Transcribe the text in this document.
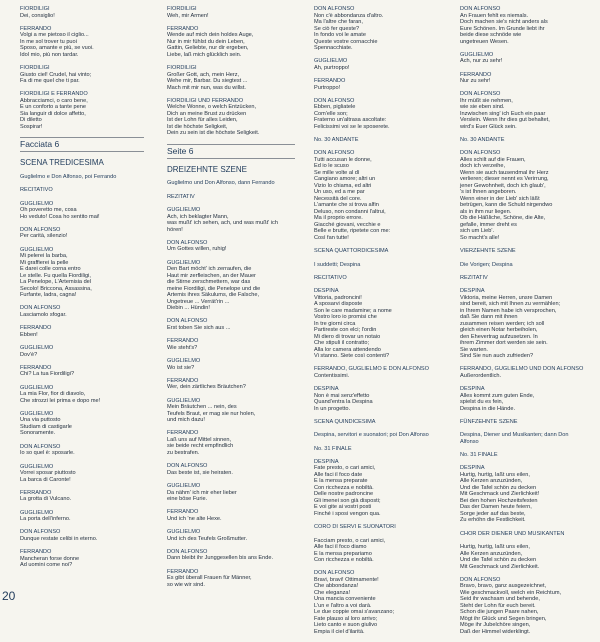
FIORDILIGI
Dei, consiglio!
FERRANDO
Volgi a me pietoso il ciglio...
In me sol trover tu puoi
Sposo, amante e più, se vuoi.
Idol mio, più non tardar.
FIORDILIGI
Giusto ciel! Crudel, hai vinto;
Fa di me quel che ti par.
FIORDILIGI E FERRANDO
Abbracciamci, o caro bene,
E un conforto a tante pene
Sia languir di dolce affetto,
Di diletto
Sospirar!
Facciata 6
SCENA TREDICESIMA
Guglielmo e Don Alfonso, poi Ferrando
RECITATIVO
GUGLIELMO
Oh poveretto me, cosa
Ho veduto! Cosa ho sentito mai!
DON ALFONSO
Per carità, silenzio!
GUGLIELMO
Mi pelerei la barba,
Mi graffierei la pelle
E darei colle corna entro
Le stelle. Fu quella Fiordiligi,
La Penelope, L'Artemisia del
Secolo! Briccona, Assassina,
Furfante, ladra, cagna!
DON ALFONSO
Lasciamolo sfogar.
FERRANDO
Ebben!
GUGLIELMO
Dov'è?
FERRANDO
Chi? La tua Fiordiligi?
GUGLIELMO
La mia Flor, fior di diavolo,
Che strozzi lei prima e dopo me!
GUGLIELMO
Una via puttosto
Studiam di castigarle
Sonoramente.
DON ALFONSO
Io so quel è: sposarle.
GUGLIELMO
Vorrei sposar piuttosto
La barca di Caronte!
FERRANDO
La grotta di Vulcano.
GUGLIELMO
La porta dell'inferno.
DON ALFONSO
Dunque restate celibi in eterno.
FERRANDO
Mancheran forse donne
Ad uomini come noi?
FIORDILIGI
Weh, mir Armen!
FERRANDO
Wende auf mich dein holdes Auge,
Nur in mir fühlst du dein Leben,
Gattin, Geliebte, nur dir ergeben,
Liebe, laß mich glücklich sein.
FIORDILIGI
Großer Gott, ach, mein Herz,
Wehe mir, Barbar. Du siegtest ...
Mach mit mir nun, was du willst.
FIORDILIGI UND FERRANDO
Welche Wonne, o welch Entzücken,
Dich an meine Brust zu drücken
Ist der Lohn für alles Leiden,
Ist die höchste Seligkeit,
Dein zu sein ist die höchste Seligkeit.
Seite 6
DREIZEHNTE SZENE
Guglielmo und Don Alfonso, dann Ferrando
REZITATIV
GUGLIELMO
Ach, ich beklagter Mann,
was mußt' ich sehen, ach, und was mußt' ich hören!
DON ALFONSO
Um Gottes willen, ruhig!
GUGLIELMO
Den Bart möcht' ich zerraufen, die
Haut mir zerfleischen, an der Mauer
die Stirne zerschmettern, war das
meine Fiordiligi, die Penelope und die
Artemis ihres Säkulums, die Falsche,
Ungetreue ... Verrät'rin ...
Diebin ... Hündin!
DON ALFONSO
Erst toben Sie sich aus ...
FERRANDO
Wie steht's?
GUGLIELMO
Wo ist sie?
FERRANDO
Wer, dein zärtliches Bräutchen?
GUGLIELMO
Mein Bräutchen ... nein, des
Teufels Braut, er mag sie nur holen,
und mich dazu!
FERRANDO
Laß uns auf Mittel sinnen,
sie beide recht empfindlich
zu bestrafen.
DON ALFONSO
Das beste ist, sie heiraten.
GUGLIELMO
Da nähm' ich mir eher lieber
eine böse Furie.
FERRANDO
Und ich 'ne alte Hexe.
GUGLIELMO
Und ich des Teufels Großmutter.
DON ALFONSO
Dann bleibt ihr Junggesellen bis ans Ende.
FERRANDO
Es gibt überall Frauen für Männer,
so wie wir sind.
DON ALFONSO
Non c'è abbondanza d'altro.
Ma l'altre che faran,
Se ciò fer queste?
In fondo voi le amate
Queste vostre cornacchie
Spennacchiate.
GUGLIELMO
Ah, purtroppo!
FERRANDO
Purtroppo!
DON ALFONSO
Ebben, pigliatele
Com'elle son;
Fraterno un'altrasa ascoltate:
Felicissimi voi se le sposerete.
No. 30 ANDANTE
DON ALFONSO
Tutti accusan le donne,
Ed io le scuso
Se mille volte al dì
Cangiano amore; altri un
Vizio lo chiama, ed altri
Un uso, ed a me par
Necessità del core.
L'amante che si trova alfin
Deluso, non condanni l'altrui,
Ma il proprio errore.
Giacché giovani, vecchie e
Belle e brutte, ripetete con me:
Così fan tutte!
SCENA QUATTORDICESIMA
I suddetti; Despina
RECITATIVO
DESPINA
Vittoria, padroncini!
A sposarvi disposte
Son le care madamine; a nome
Vostro loro io promisi che
In tre giorni circa
Partireste con elci; l'ordin
Mi diero di trovar un notaio
Che stipuli il contratto;
Alla lor camera attendendo
Vi stanno. Siete così contenti?
FERRANDO, GUGLIELMO E DON ALFONSO
Contentissimi.
DESPINA
Non è mai senz'effetto
Quand'entra la Despina
In un progetto.
SCENA QUINDICESIMA
Despina, servitori e suonatori; poi Don Alfonso
No. 31 FINALE
DESPINA
Fate presto, o cari amici,
Alle faci il foco date
E la mensa preparate
Con ricchezza e nobiltà.
Delle nostre padroncine
Gli imenei son già disposti;
E voi gite ai vostri posti
Finché i sposi vengon qua.
CORO DI SERVI E SUONATORI
Facciam presto, o cari amici,
Alle faci il foco diamo
E la mensa prepariamo
Con ricchezza e nobiltà.
DON ALFONSO
Bravi, bravi! Ottimamente!
Che abbondanza!
Che eleganza!
Una mancia conveniente
L'un e l'altro a voi darà.
Le due coppie omai s'avanzano;
Fate plauso al loro arrivo;
Lieto canto e suon giulivo
Empia il ciel d'ilarità.
DON ALFONSO
An Frauen fehlt es niemals.
Doch machen sie's nicht anders als
Eure Schönen. Im Grunde liebt ihr
beide diese schnöde wie
ungetreuen Wesen.
GUGLIELMO
Ach, nur zu sehr!
FERRANDO
Nur zu sehr!
DON ALFONSO
Ihr müßt sie nehmen,
wie sie eben sind.
Inzwischen sing' ich Euch ein paar
Verslein. Wenn Ihr dies gut behaltet,
wird's Euer Glück sein.
No. 30 ANDANTE
DON ALFONSO
Alles schilt auf die Frauen,
doch ich verzeihe,
Wenn sie auch tausendmal ihr Herz
verlieren; dieser nennt es Verirrung,
jener Gewohnheit, doch ich glaub',
's ist Ihnen angeboren.
Wenn einer in der Lieb' sich läßt
betrügen, kann die Schuld nirgendwo
als in ihm nur liegen.
Ob die Häßliche, Schöne, die Alte,
gefalle, immer dreht es
sich um Lieb'.
So macht's alle!
VIERZEHNTE SZENE
Die Vorigen; Despina
REZITATIV
DESPINA
Viktoria, meine Herren, unsre Damen
sind bereit, sich mit Ihnen zu vermählen;
in Ihrem Namen habe ich versprochen,
daß Sie dann mit ihnen
zusammen reisen werden; ich soll
gleich einen Notar herbeiholen,
den Ehevertrag aufzusetzen. In
ihrem Zimmer dort werden sie sein.
Sie warten.
Sind Sie nun auch zufrieden?
FERRANDO, GUGLIELMO UND DON ALFONSO
Außerordentlich.
DESPINA
Alles kommt zum guten Ende,
spielst du es fein,
Despina in die Hände.
FÜNFZEHNTE SZENE
Despina, Diener und Musikanten; dann Don Alfonso
No. 31 FINALE
DESPINA
Hurtig, hurtig, laßt uns eilen,
Alle Kerzen anzuzünden,
Und die Tafel schön zu decken
Mit Geschmack und Zierlichkeit!
Bei den hohen Hochzeitsfesten
Das der Damen heute feiern,
Sorge jeder auf das beste,
Zu erhöhn die Festlichkeit.
CHOR DER DIENER UND MUSIKANTEN
Hurtig, hurtig, laßt uns eilen,
Alle Kerzen anzuzünden,
Und die Tafel schön zu decken
Mit Geschmack und Zierlichkeit.
DON ALFONSO
Bravo, bravo, ganz ausgezeichnet,
Wie geschmackvoll, welch ein Reichtum,
Seid ihr wachsam und behende,
Steht der Lohn für euch bereit.
Schon die jungen Paare nahen,
Mögt ihr Glück und Segen bringen,
Möge ihr Jubelchöre singen,
Daß der Himmel widerklingt.
20
